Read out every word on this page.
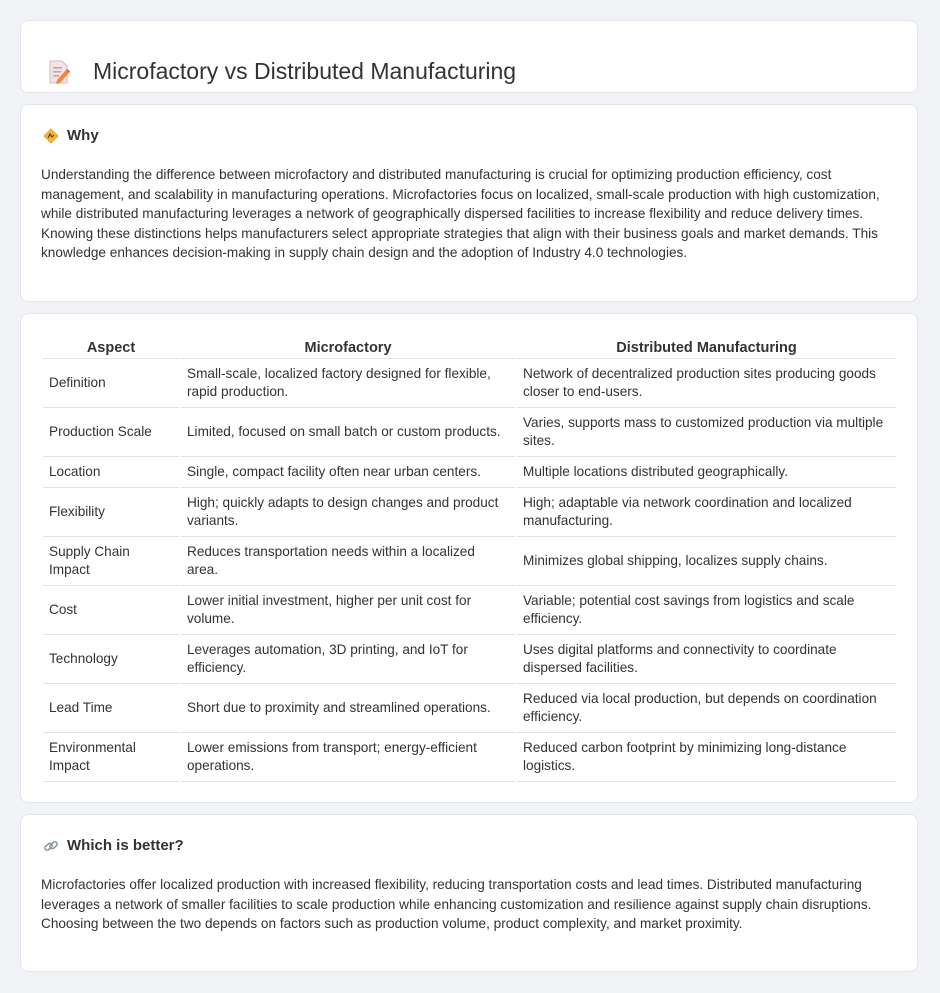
Microfactory vs Distributed Manufacturing
Why

Understanding the difference between microfactory and distributed manufacturing is crucial for optimizing production efficiency, cost management, and scalability in manufacturing operations. Microfactories focus on localized, small-scale production with high customization, while distributed manufacturing leverages a network of geographically dispersed facilities to increase flexibility and reduce delivery times. Knowing these distinctions helps manufacturers select appropriate strategies that align with their business goals and market demands. This knowledge enhances decision-making in supply chain design and the adoption of Industry 4.0 technologies.

Aspect	Microfactory	Distributed Manufacturing
Definition	Small-scale, localized factory designed for flexible, rapid production.	Network of decentralized production sites producing goods closer to end-users.
Production Scale	Limited, focused on small batch or custom products.	Varies, supports mass to customized production via multiple sites.
Location	Single, compact facility often near urban centers.	Multiple locations distributed geographically.
Flexibility	High; quickly adapts to design changes and product variants.	High; adaptable via network coordination and localized manufacturing.
Supply Chain Impact	Reduces transportation needs within a localized area.	Minimizes global shipping, localizes supply chains.
Cost	Lower initial investment, higher per unit cost for volume.	Variable; potential cost savings from logistics and scale efficiency.
Technology	Leverages automation, 3D printing, and IoT for efficiency.	Uses digital platforms and connectivity to coordinate dispersed facilities.
Lead Time	Short due to proximity and streamlined operations.	Reduced via local production, but depends on coordination efficiency.
Environmental Impact	Lower emissions from transport; energy-efficient operations.	Reduced carbon footprint by minimizing long-distance logistics.
Which is better?

Microfactories offer localized production with increased flexibility, reducing transportation costs and lead times. Distributed manufacturing leverages a network of smaller facilities to scale production while enhancing customization and resilience against supply chain disruptions. Choosing between the two depends on factors such as production volume, product complexity, and market proximity.
